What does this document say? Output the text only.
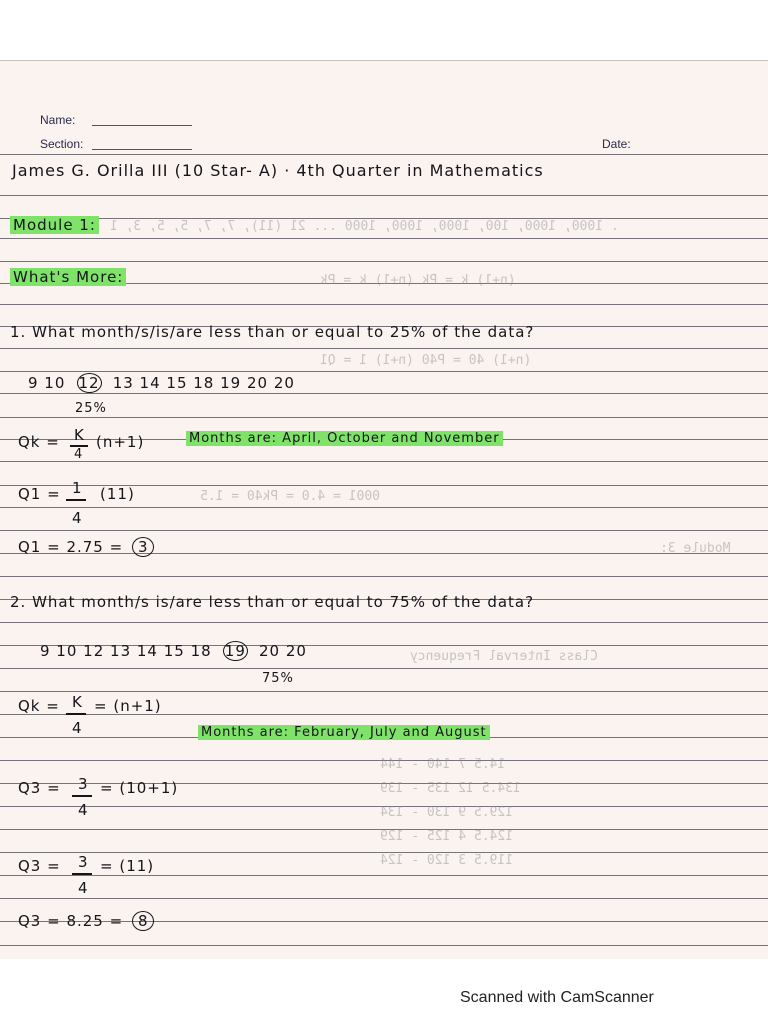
Name:
Section:	Date:
James G. Orilla III (10 Star- A) · 4th Quarter in Mathematics
Module 1: . 1000, 1000, 100, 1000, 1000, 1000 ... 21 (11), 7, 7, 5, 5, 3, 1
What's More:	(n+1) k = Pk (n+1) k = Pk
1. What month/s/is/are less than or equal to 25% of the data?
(n+1) 40 = P40 (n+1) 1 = Q1
9 10 12 13 14 15 18 19 20 20
25%
Qk = K
4
(n+1)	Months are: April, October and November
Q1 = 1
4
(11)	0001 = 4.0 = Pk40 = 1.5
Q1 = 2.75 = 3	Module 3:
2. What month/s is/are less than or equal to 75% of the data?
9 10 12 13 14 15 18 19 20 20	Class Interval Frequency
75%
Qk = K
4
= (n+1)
Months are: February, July and August
14.5 7 140 - 144
134.5 12 135 - 139
129.5 9 130 - 134
124.5 4 125 - 129
119.5 3 120 - 124
Q3 = 3
4
= (10+1)
Q3 = 3
4
= (11)
Q3 = 8.25 = 8
Scanned with CamScanner
